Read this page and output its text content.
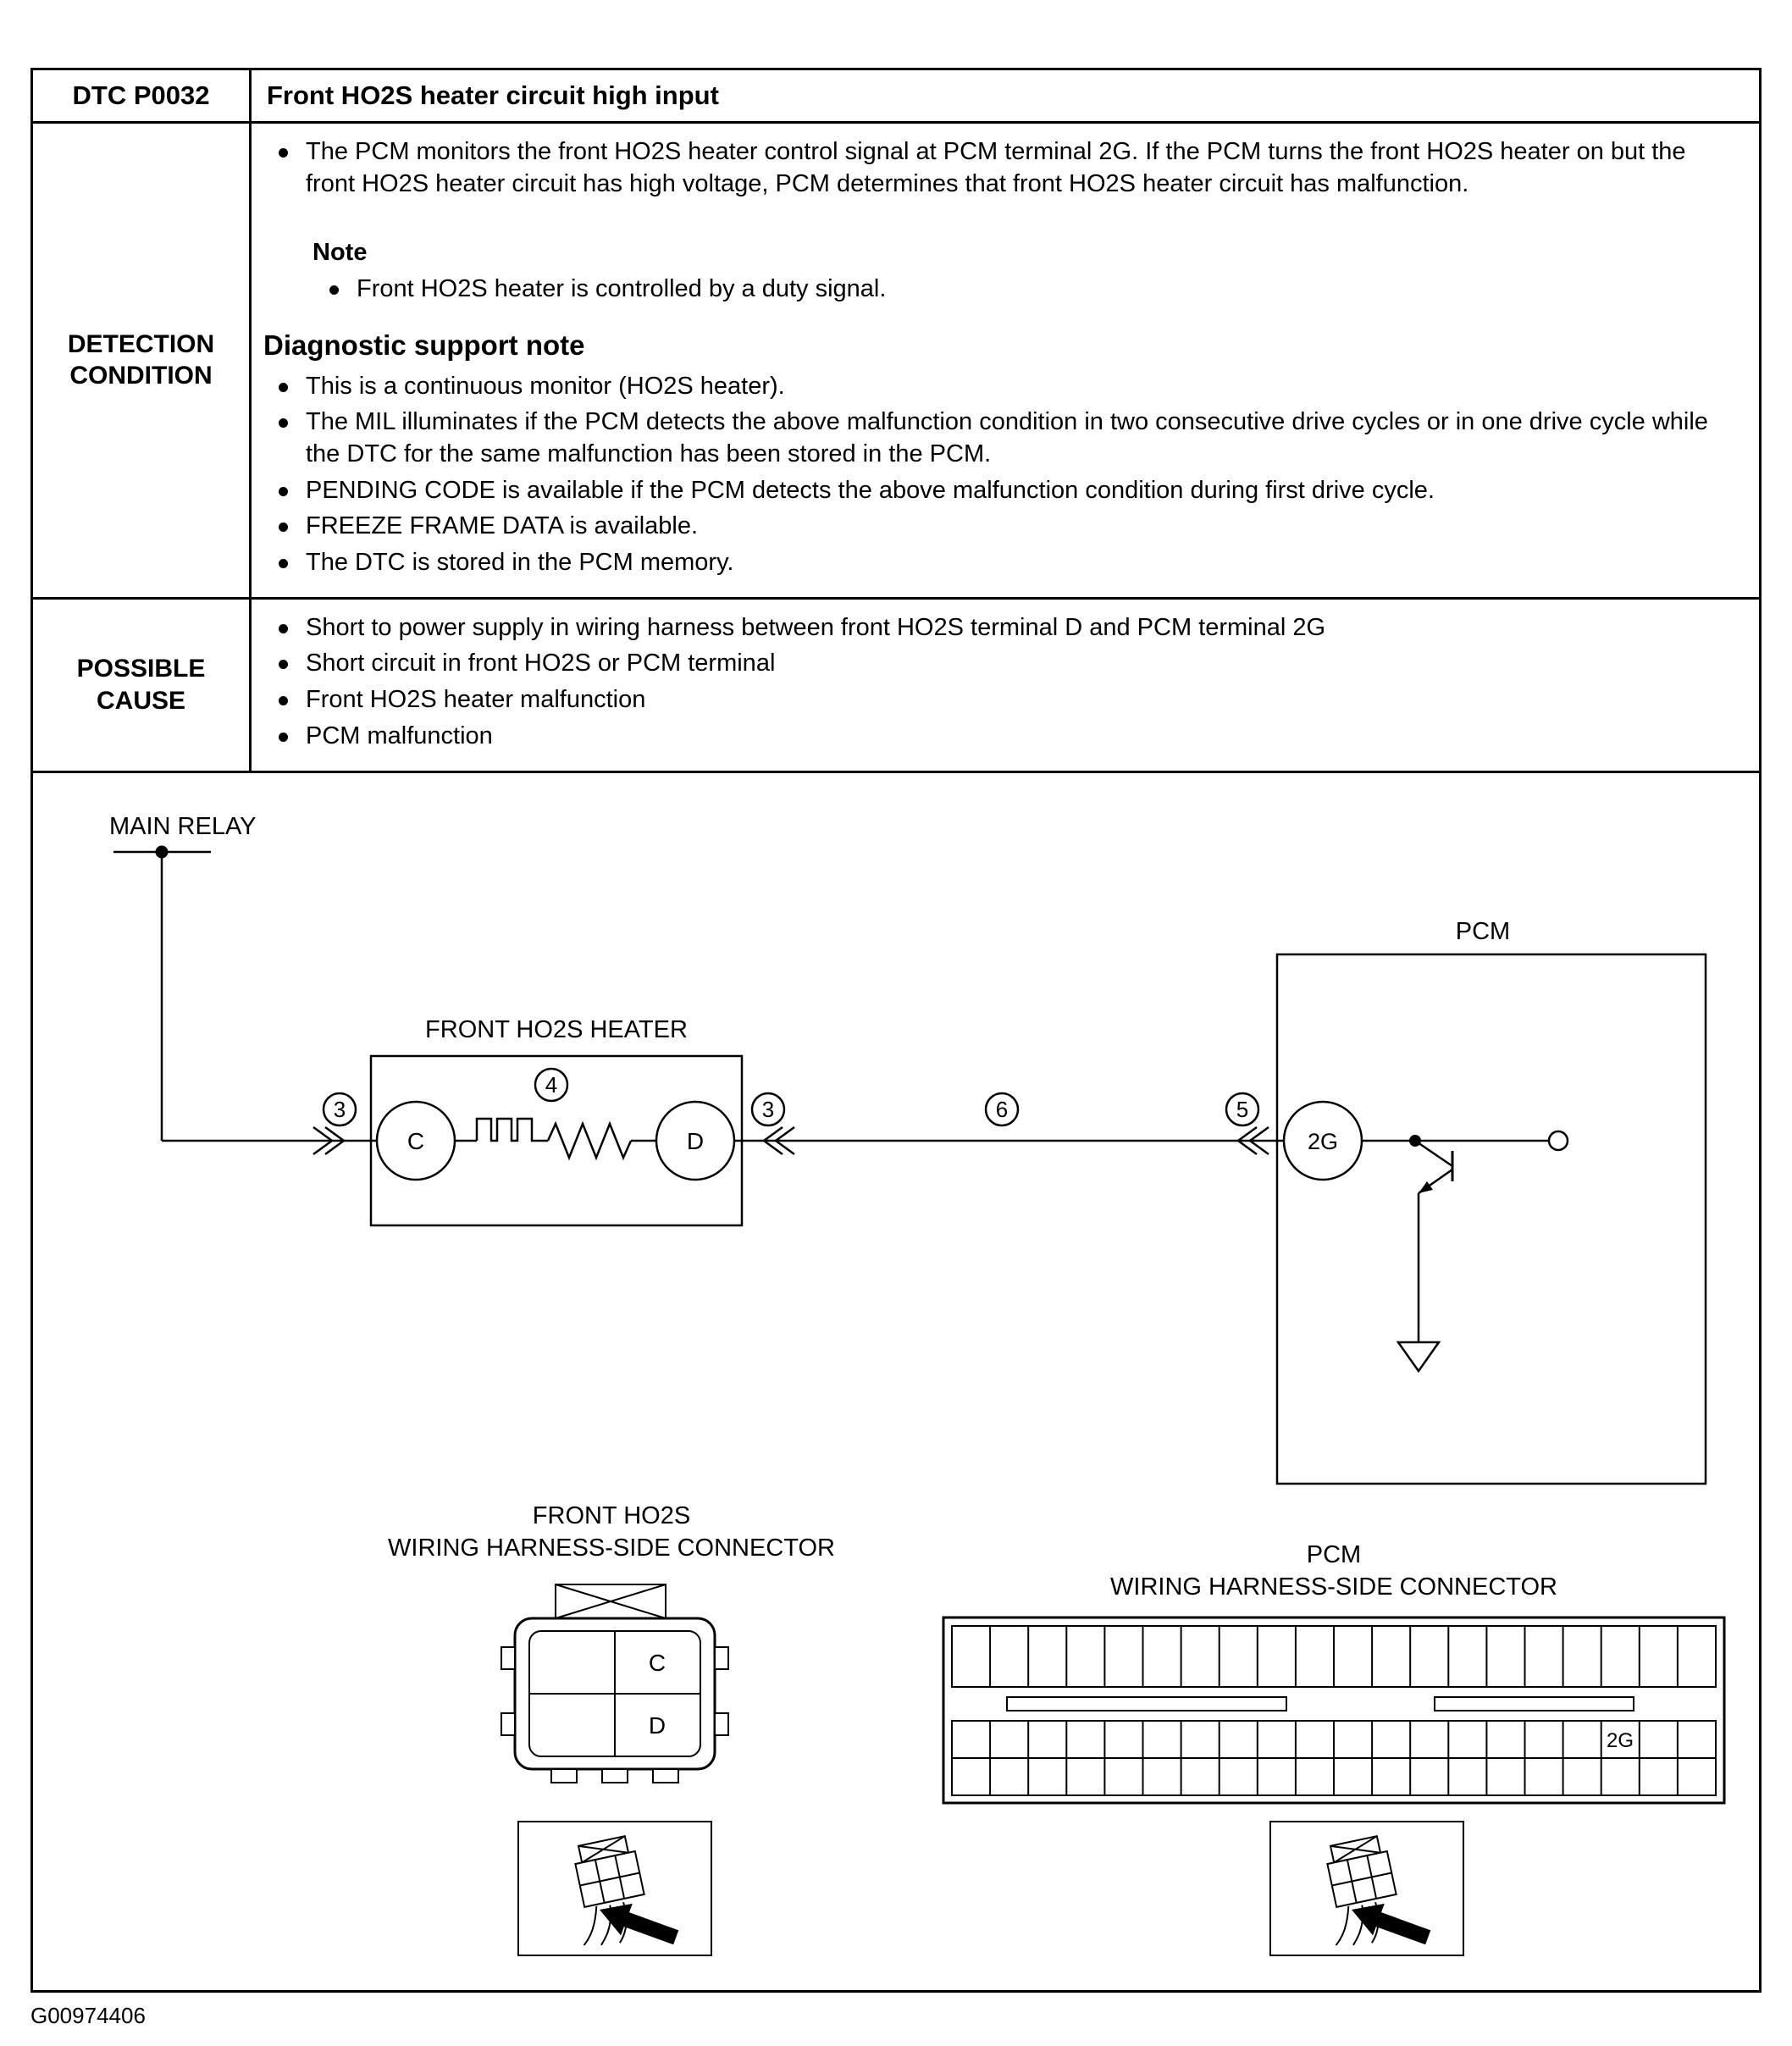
DTC P0032	Front HO2S heater circuit high input
DETECTION CONDITION	
The PCM monitors the front HO2S heater control signal at PCM terminal 2G. If the PCM turns the front HO2S heater on but the front HO2S heater circuit has high voltage, PCM determines that front HO2S heater circuit has malfunction.
Note
Front HO2S heater is controlled by a duty signal.
Diagnostic support note
This is a continuous monitor (HO2S heater).
The MIL illuminates if the PCM detects the above malfunction condition in two consecutive drive cycles or in one drive cycle while the DTC for the same malfunction has been stored in the PCM.
PENDING CODE is available if the PCM detects the above malfunction condition during first drive cycle.
FREEZE FRAME DATA is available.
The DTC is stored in the PCM memory.

POSSIBLE CAUSE	
Short to power supply in wiring harness between front HO2S terminal D and PCM terminal 2G
Short circuit in front HO2S or PCM terminal
Front HO2S heater malfunction
PCM malfunction

MAIN RELAY
3
FRONT HO2S HEATER
C	D
4
3	6	5
PCM
2G
FRONT HO2S
WIRING HARNESS-SIDE CONNECTOR
C
D
PCM
WIRING HARNESS-SIDE CONNECTOR
2G
G00974406
